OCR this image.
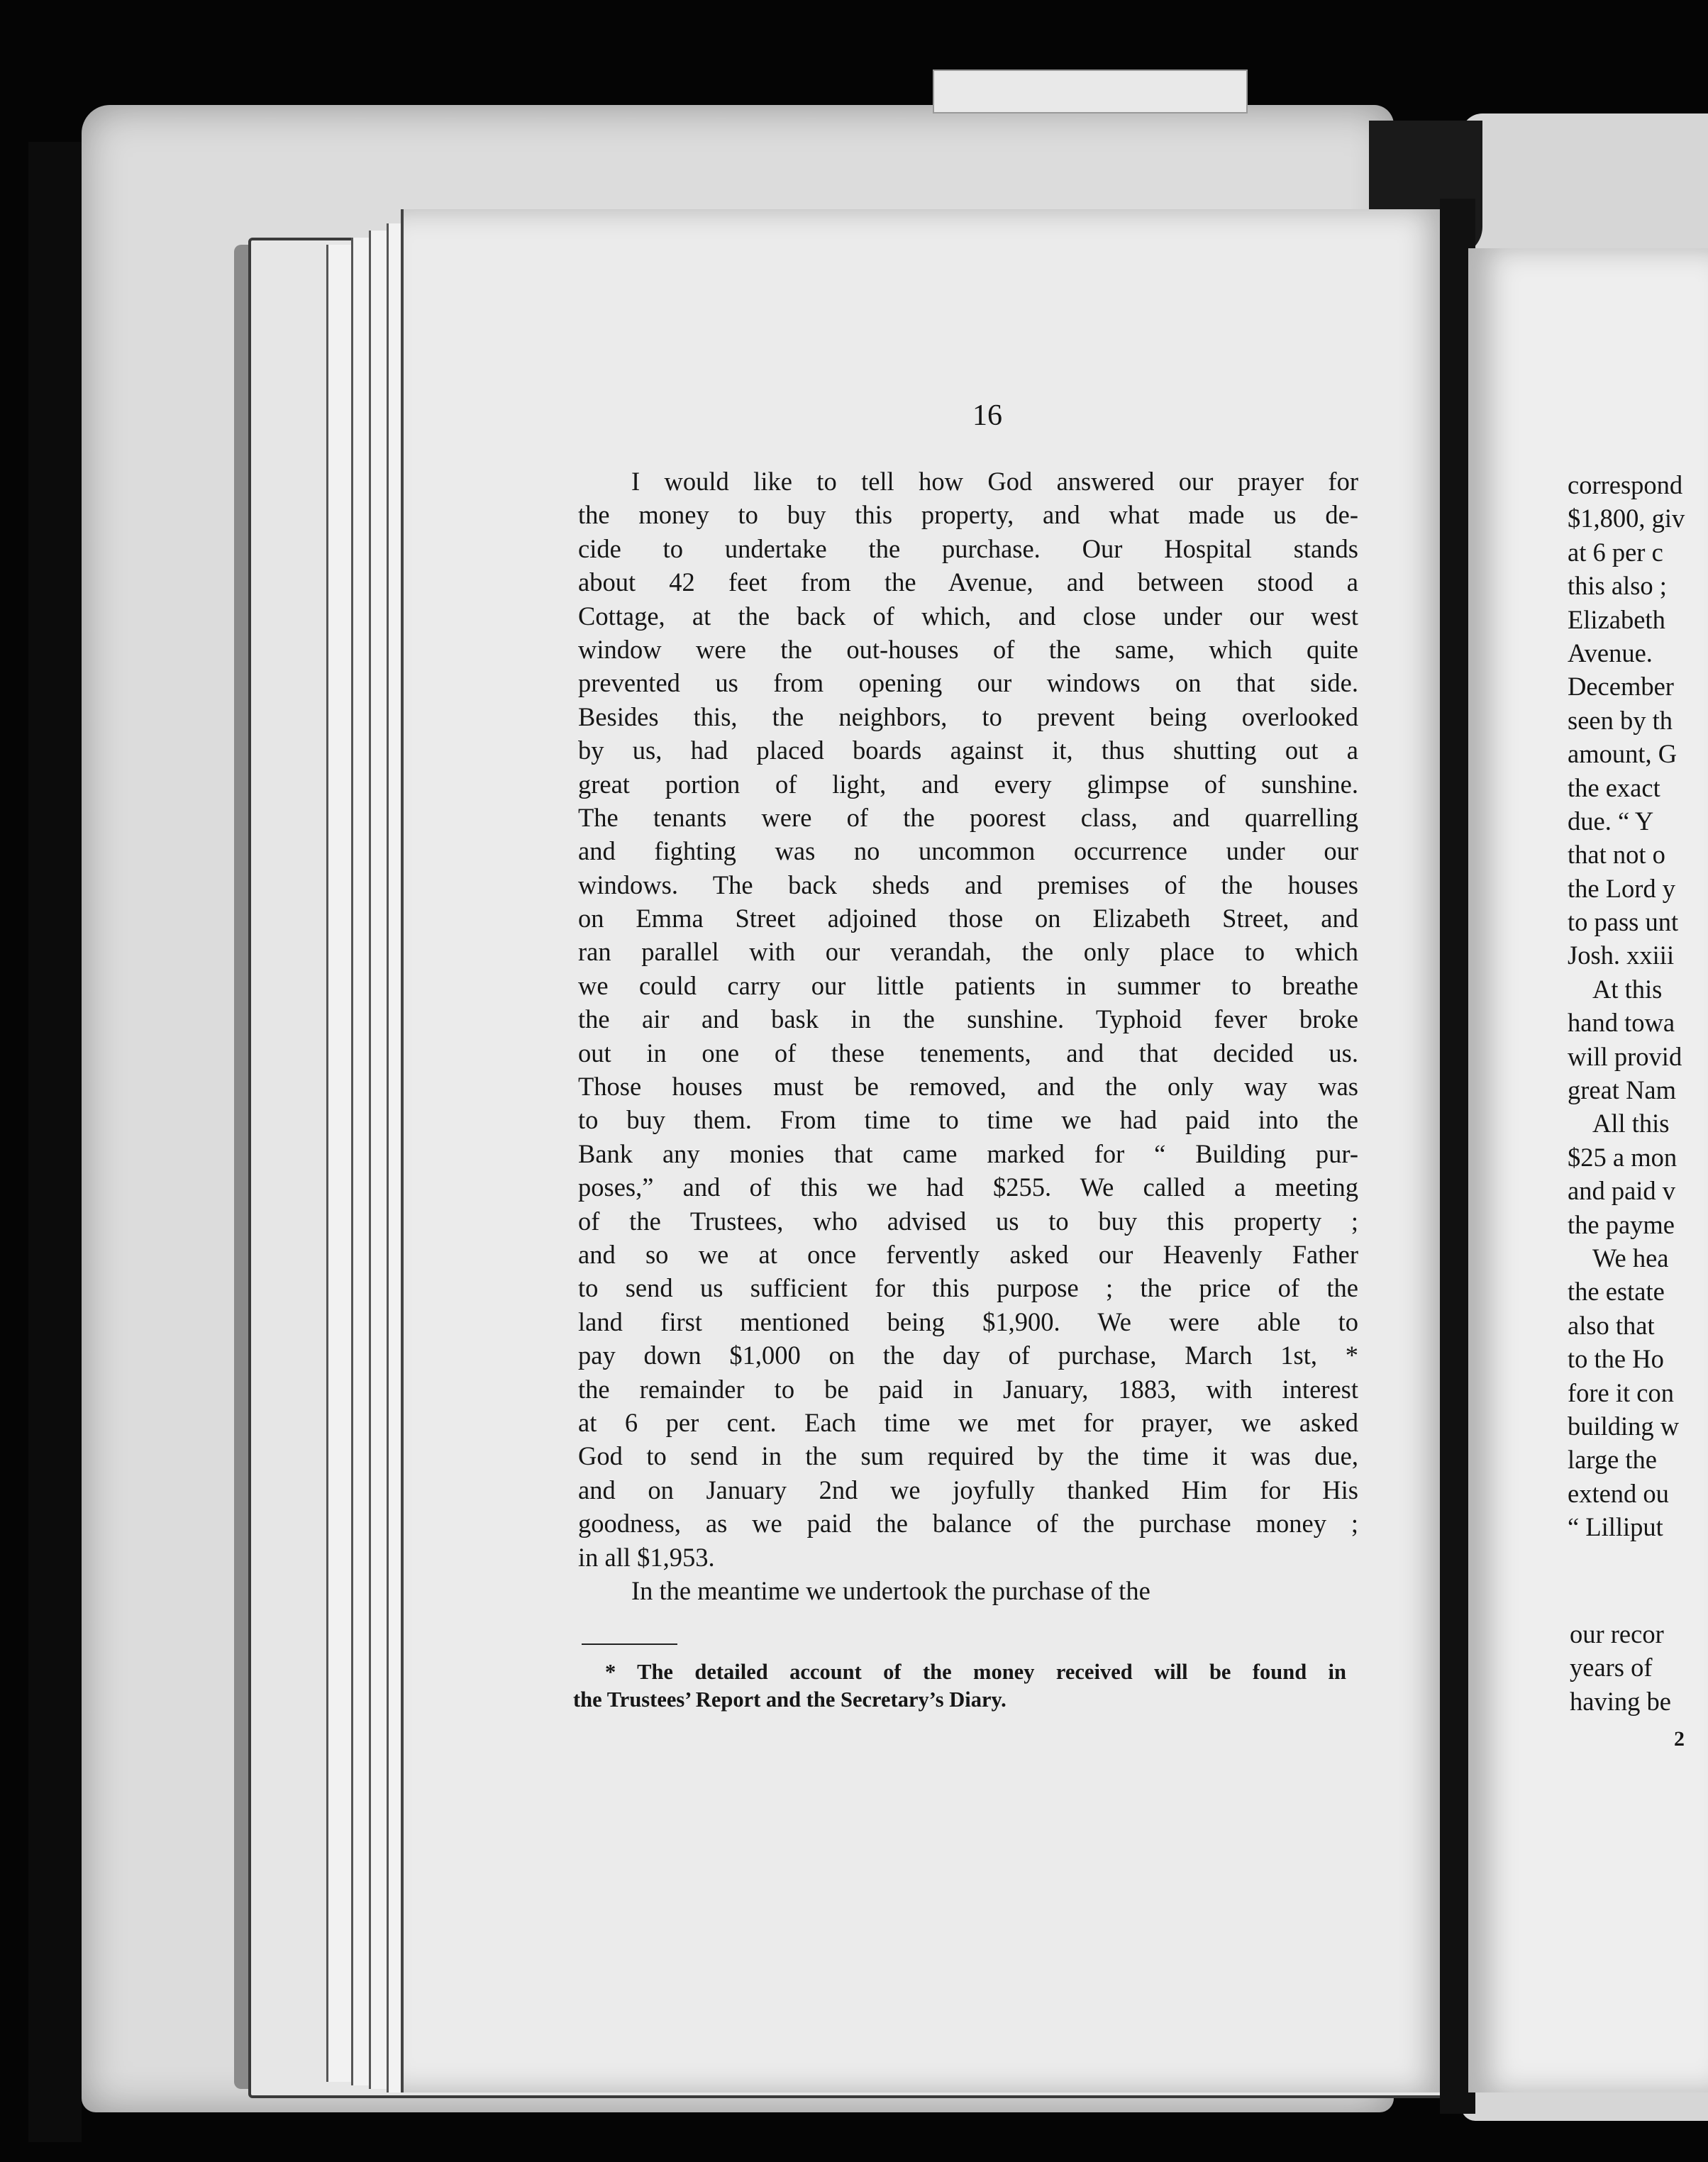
16
I would like to tell how God answered our prayer for
the money to buy this property, and what made us de-
cide to undertake the purchase. Our Hospital stands
about 42 feet from the Avenue, and between stood a
Cottage, at the back of which, and close under our west
window were the out-houses of the same, which quite
prevented us from opening our windows on that side.
Besides this, the neighbors, to prevent being overlooked
by us, had placed boards against it, thus shutting out a
great portion of light, and every glimpse of sunshine.
The tenants were of the poorest class, and quarrelling
and fighting was no uncommon occurrence under our
windows. The back sheds and premises of the houses
on Emma Street adjoined those on Elizabeth Street, and
ran parallel with our verandah, the only place to which
we could carry our little patients in summer to breathe
the air and bask in the sunshine. Typhoid fever broke
out in one of these tenements, and that decided us.
Those houses must be removed, and the only way was
to buy them. From time to time we had paid into the
Bank any monies that came marked for “ Building pur-
poses,” and of this we had $255. We called a meeting
of the Trustees, who advised us to buy this property ;
and so we at once fervently asked our Heavenly Father
to send us sufficient for this purpose ; the price of the
land first mentioned being $1,900. We were able to
pay down $1,000 on the day of purchase, March 1st, *
the remainder to be paid in January, 1883, with interest
at 6 per cent. Each time we met for prayer, we asked
God to send in the sum required by the time it was due,
and on January 2nd we joyfully thanked Him for His
goodness, as we paid the balance of the purchase money ;
in all $1,953.
In the meantime we undertook the purchase of the
* The detailed account of the money received will be found in
the Trustees’ Report and the Secretary’s Diary.
correspond
$1,800, giv
at 6 per c
this also ;
Elizabeth
Avenue.
December
seen by th
amount, G
the exact
due. “ Y
that not o
the Lord y
to pass unt
Josh. xxiii
At this
hand towa
will provid
great Nam
All this
$25 a mon
and paid v
the payme
We hea
the estate
also that
to the Ho
fore it con
building w
large the
extend ou
“ Lilliput
our recor
years of
having be
2
